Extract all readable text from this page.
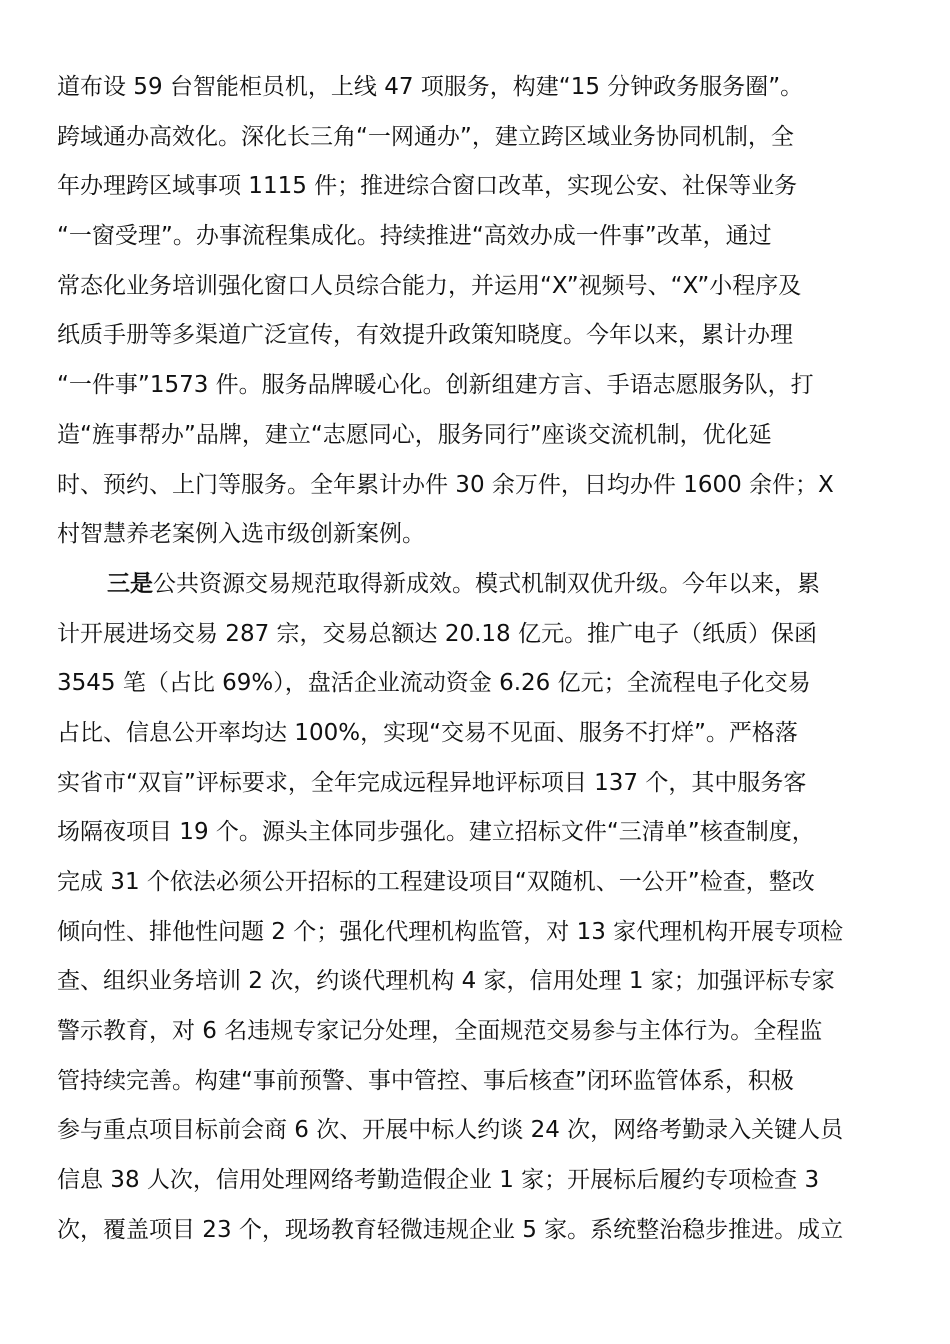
道布设 59 台智能柜员机，上线 47 项服务，构建“15 分钟政务服务圈”。
跨域通办高效化。深化长三角“一网通办”，建立跨区域业务协同机制，全
年办理跨区域事项 1115 件；推进综合窗口改革，实现公安、社保等业务
“一窗受理”。办事流程集成化。持续推进“高效办成一件事”改革，通过
常态化业务培训强化窗口人员综合能力，并运用“X”视频号、“X”小程序及
纸质手册等多渠道广泛宣传，有效提升政策知晓度。今年以来，累计办理
“一件事”1573 件。服务品牌暖心化。创新组建方言、手语志愿服务队，打
造“旌事帮办”品牌，建立“志愿同心，服务同行”座谈交流机制，优化延
时、预约、上门等服务。全年累计办件 30 余万件，日均办件 1600 余件；X
村智慧养老案例入选市级创新案例。
三是公共资源交易规范取得新成效。模式机制双优升级。今年以来，累
计开展进场交易 287 宗，交易总额达 20.18 亿元。推广电子（纸质）保函
3545 笔（占比 69%），盘活企业流动资金 6.26 亿元；全流程电子化交易
占比、信息公开率均达 100%，实现“交易不见面、服务不打烊”。严格落
实省市“双盲”评标要求，全年完成远程异地评标项目 137 个，其中服务客
场隔夜项目 19 个。源头主体同步强化。建立招标文件“三清单”核查制度，
完成 31 个依法必须公开招标的工程建设项目“双随机、一公开”检查，整改
倾向性、排他性问题 2 个；强化代理机构监管，对 13 家代理机构开展专项检
查、组织业务培训 2 次，约谈代理机构 4 家，信用处理 1 家；加强评标专家
警示教育，对 6 名违规专家记分处理，全面规范交易参与主体行为。全程监
管持续完善。构建“事前预警、事中管控、事后核查”闭环监管体系，积极
参与重点项目标前会商 6 次、开展中标人约谈 24 次，网络考勤录入关键人员
信息 38 人次，信用处理网络考勤造假企业 1 家；开展标后履约专项检查 3
次，覆盖项目 23 个，现场教育轻微违规企业 5 家。系统整治稳步推进。成立
